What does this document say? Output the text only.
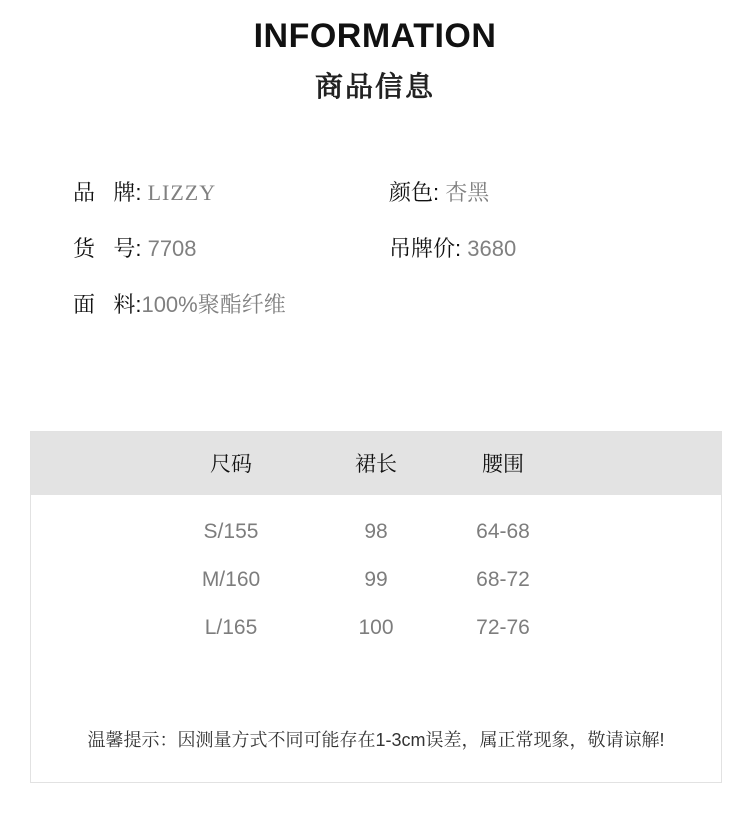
INFORMATION
商品信息
品   牌: LIZZY	颜色: 杏黑
货   号: 7708	吊牌价: 3680
面   料:100%聚酯纤维
尺码	裙长	腰围
S/155	98	64-68
M/160	99	68-72
L/165	100	72-76
温馨提示：因测量方式不同可能存在1-3cm误差，属正常现象，敬请谅解!
